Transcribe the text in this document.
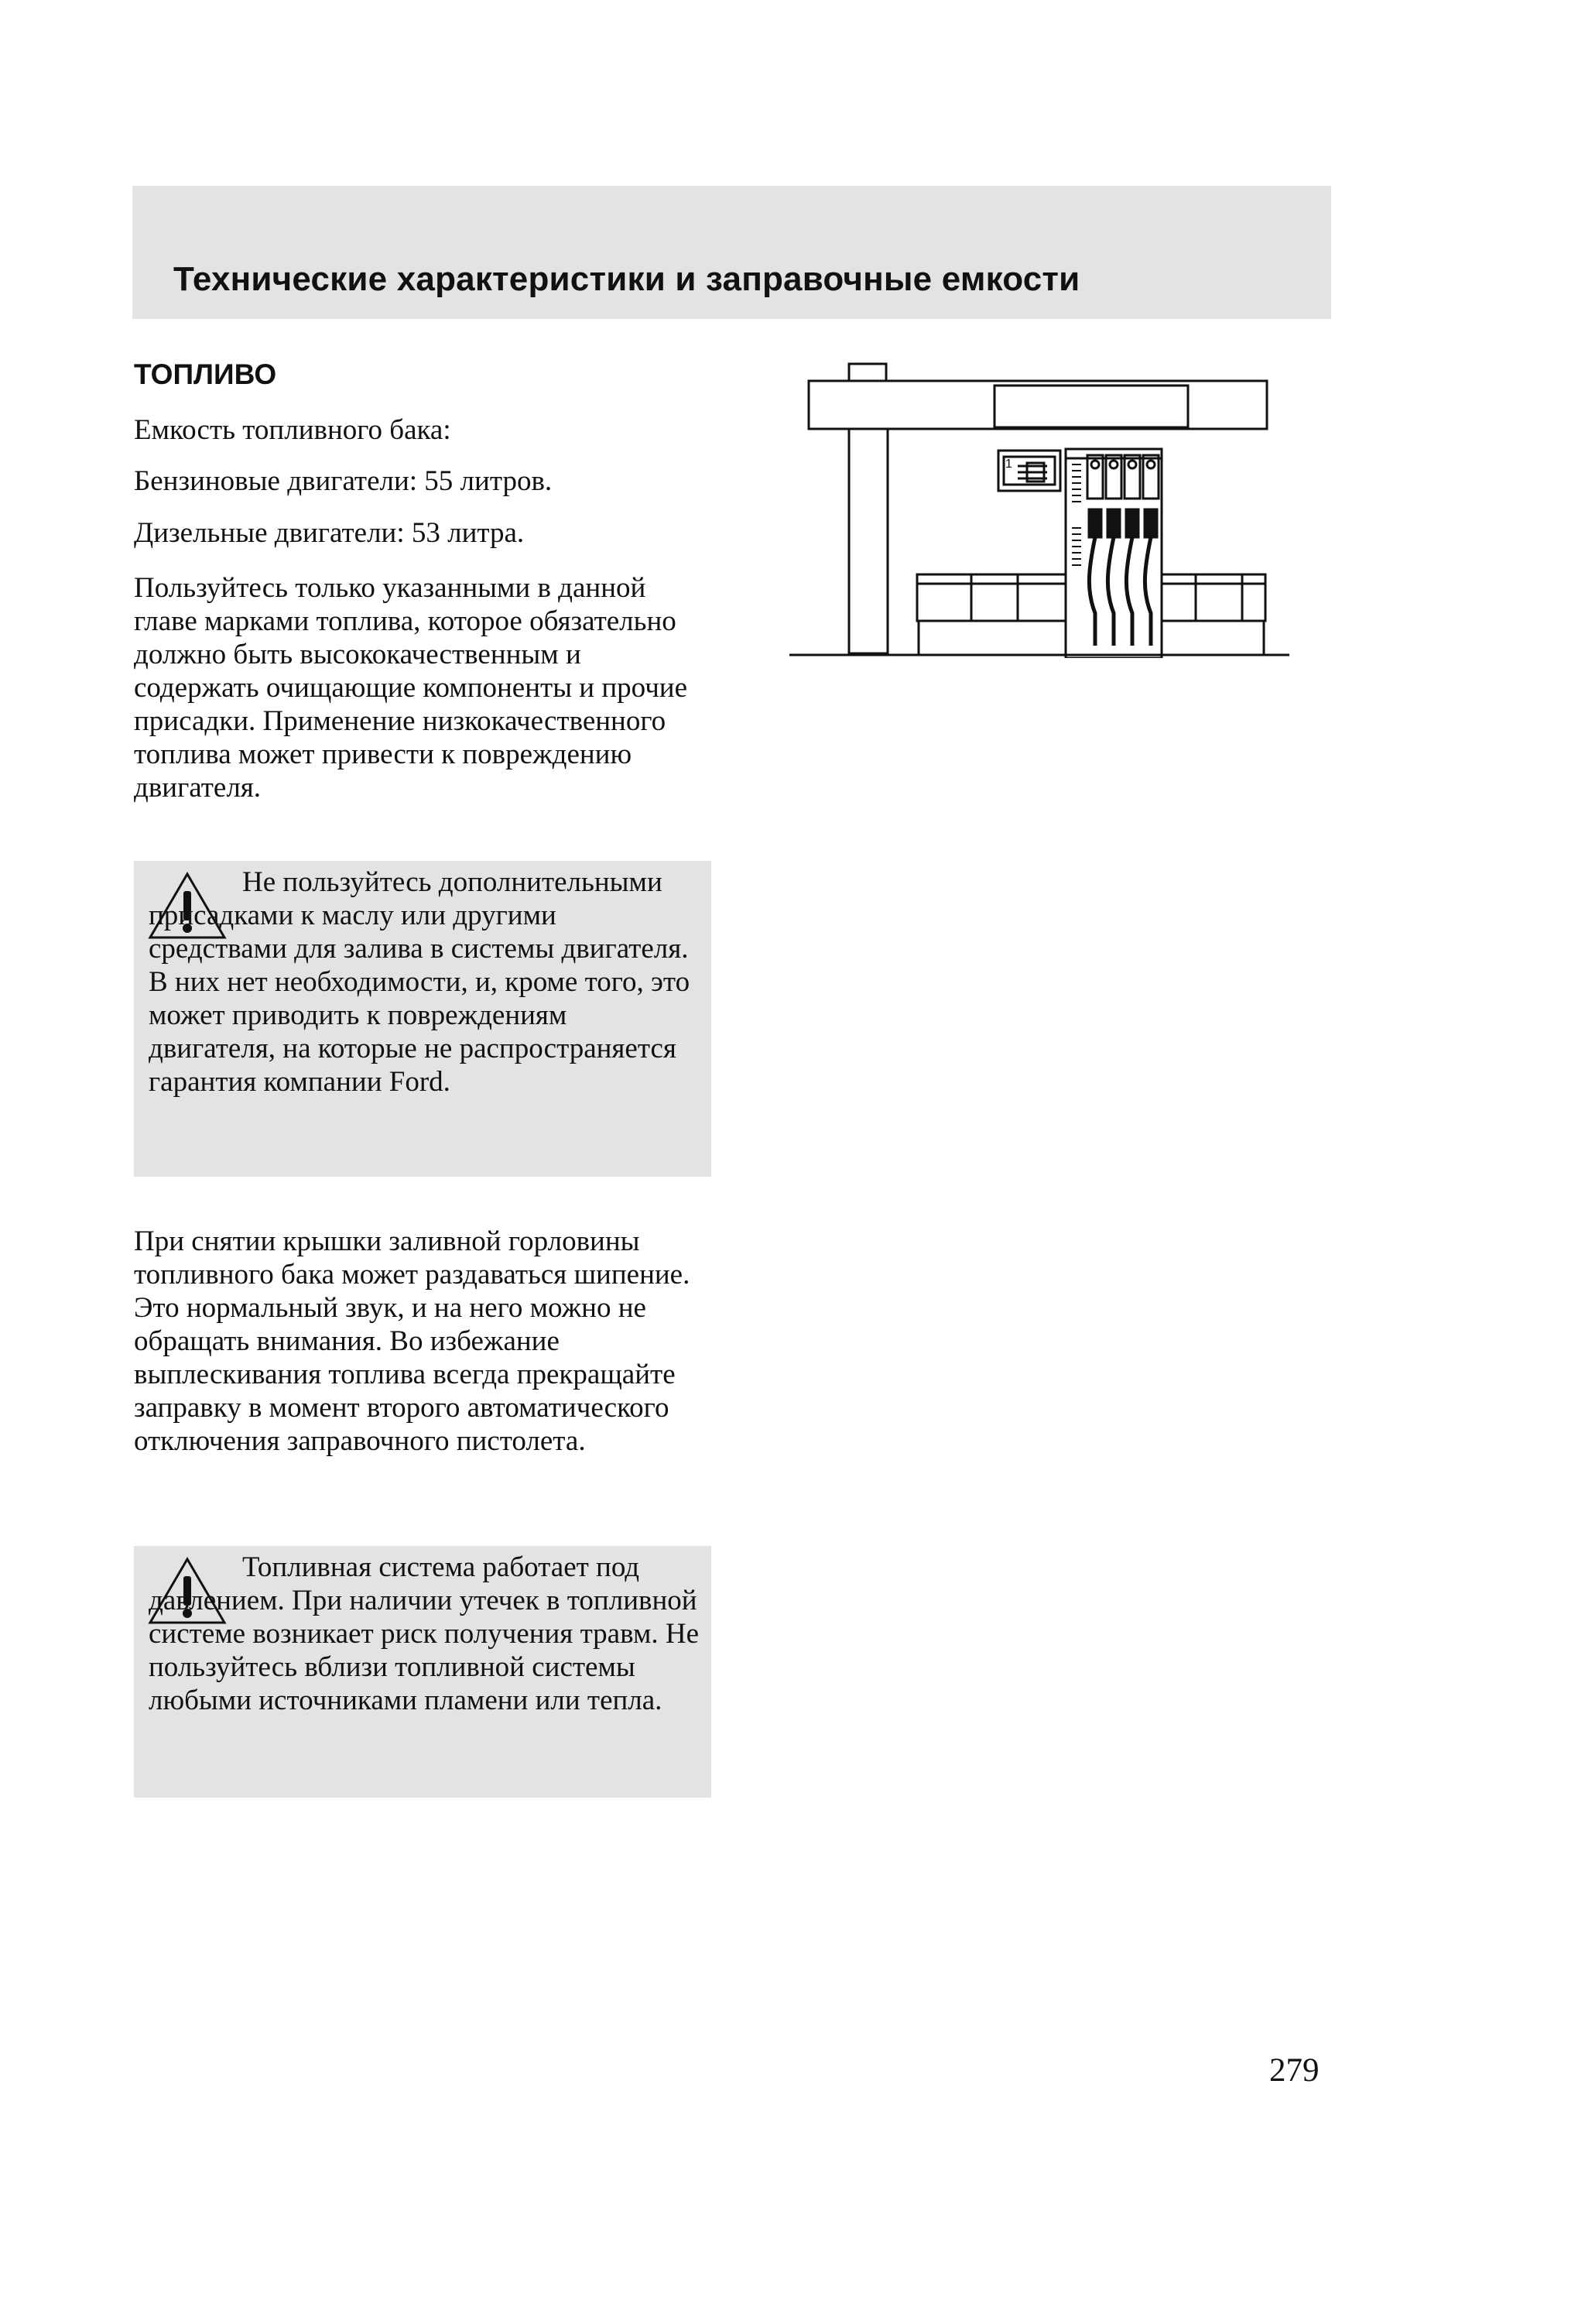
Технические характеристики и заправочные емкости
ТОПЛИВО

Емкость топливного бака:

Бензиновые двигатели: 55 литров.

Дизельные двигатели: 53 литра.

Пользуйтесь только указанными в данной главе марками топлива, которое обязательно должно быть высококачественным и содержать очищающие компоненты и прочие присадки. Применение низкокачественного топлива может привести к повреждению двигателя.

Не пользуйтесь дополнительными присадками к маслу или другими средствами для залива в системы двигателя. В них нет необходимости, и, кроме того, это может приводить к повреждениям двигателя, на которые не распространяется гарантия компании Ford.

При снятии крышки заливной горловины топливного бака может раздаваться шипение. Это нормальный звук, и на него можно не обращать внимания. Во избежание выплескивания топлива всегда прекращайте заправку в момент второго автоматического отключения заправочного пистолета.

Топливная система работает под давлением. При наличии утечек в топливной системе возникает риск получения травм. Не пользуйтесь вблизи топливной системы любыми источниками пламени или тепла.

1
279
